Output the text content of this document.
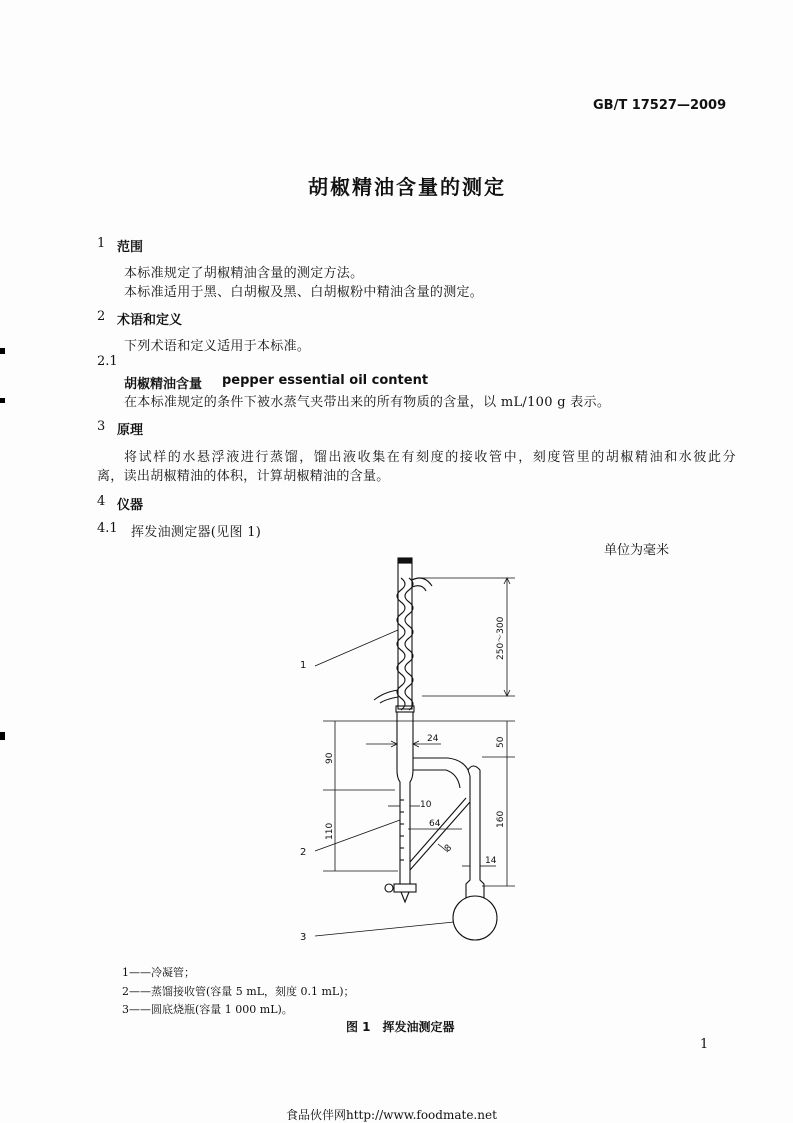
GB/T 17527—2009
胡椒精油含量的测定
1 范围
本标准规定了胡椒精油含量的测定方法。
本标准适用于黑、白胡椒及黑、白胡椒粉中精油含量的测定。
2 术语和定义
下列术语和定义适用于本标准。
2.1
胡椒精油含量 pepper essential oil content
在本标准规定的条件下被水蒸气夹带出来的所有物质的含量，以 mL/100 g 表示。
3 原理
将试样的水悬浮液进行蒸馏，馏出液收集在有刻度的接收管中，刻度管里的胡椒精油和水彼此分
离，读出胡椒精油的体积，计算胡椒精油的含量。
4 仪器
4.1 挥发油测定器(见图 1)
单位为毫米
250～300
24	50
90
10
64
110
160
8
14
1
2
3
1——冷凝管；
2——蒸馏接收管(容量 5 mL，刻度 0.1 mL)；
3——圆底烧瓶(容量 1 000 mL)。
图 1　挥发油测定器
1
食品伙伴网http://www.foodmate.net
